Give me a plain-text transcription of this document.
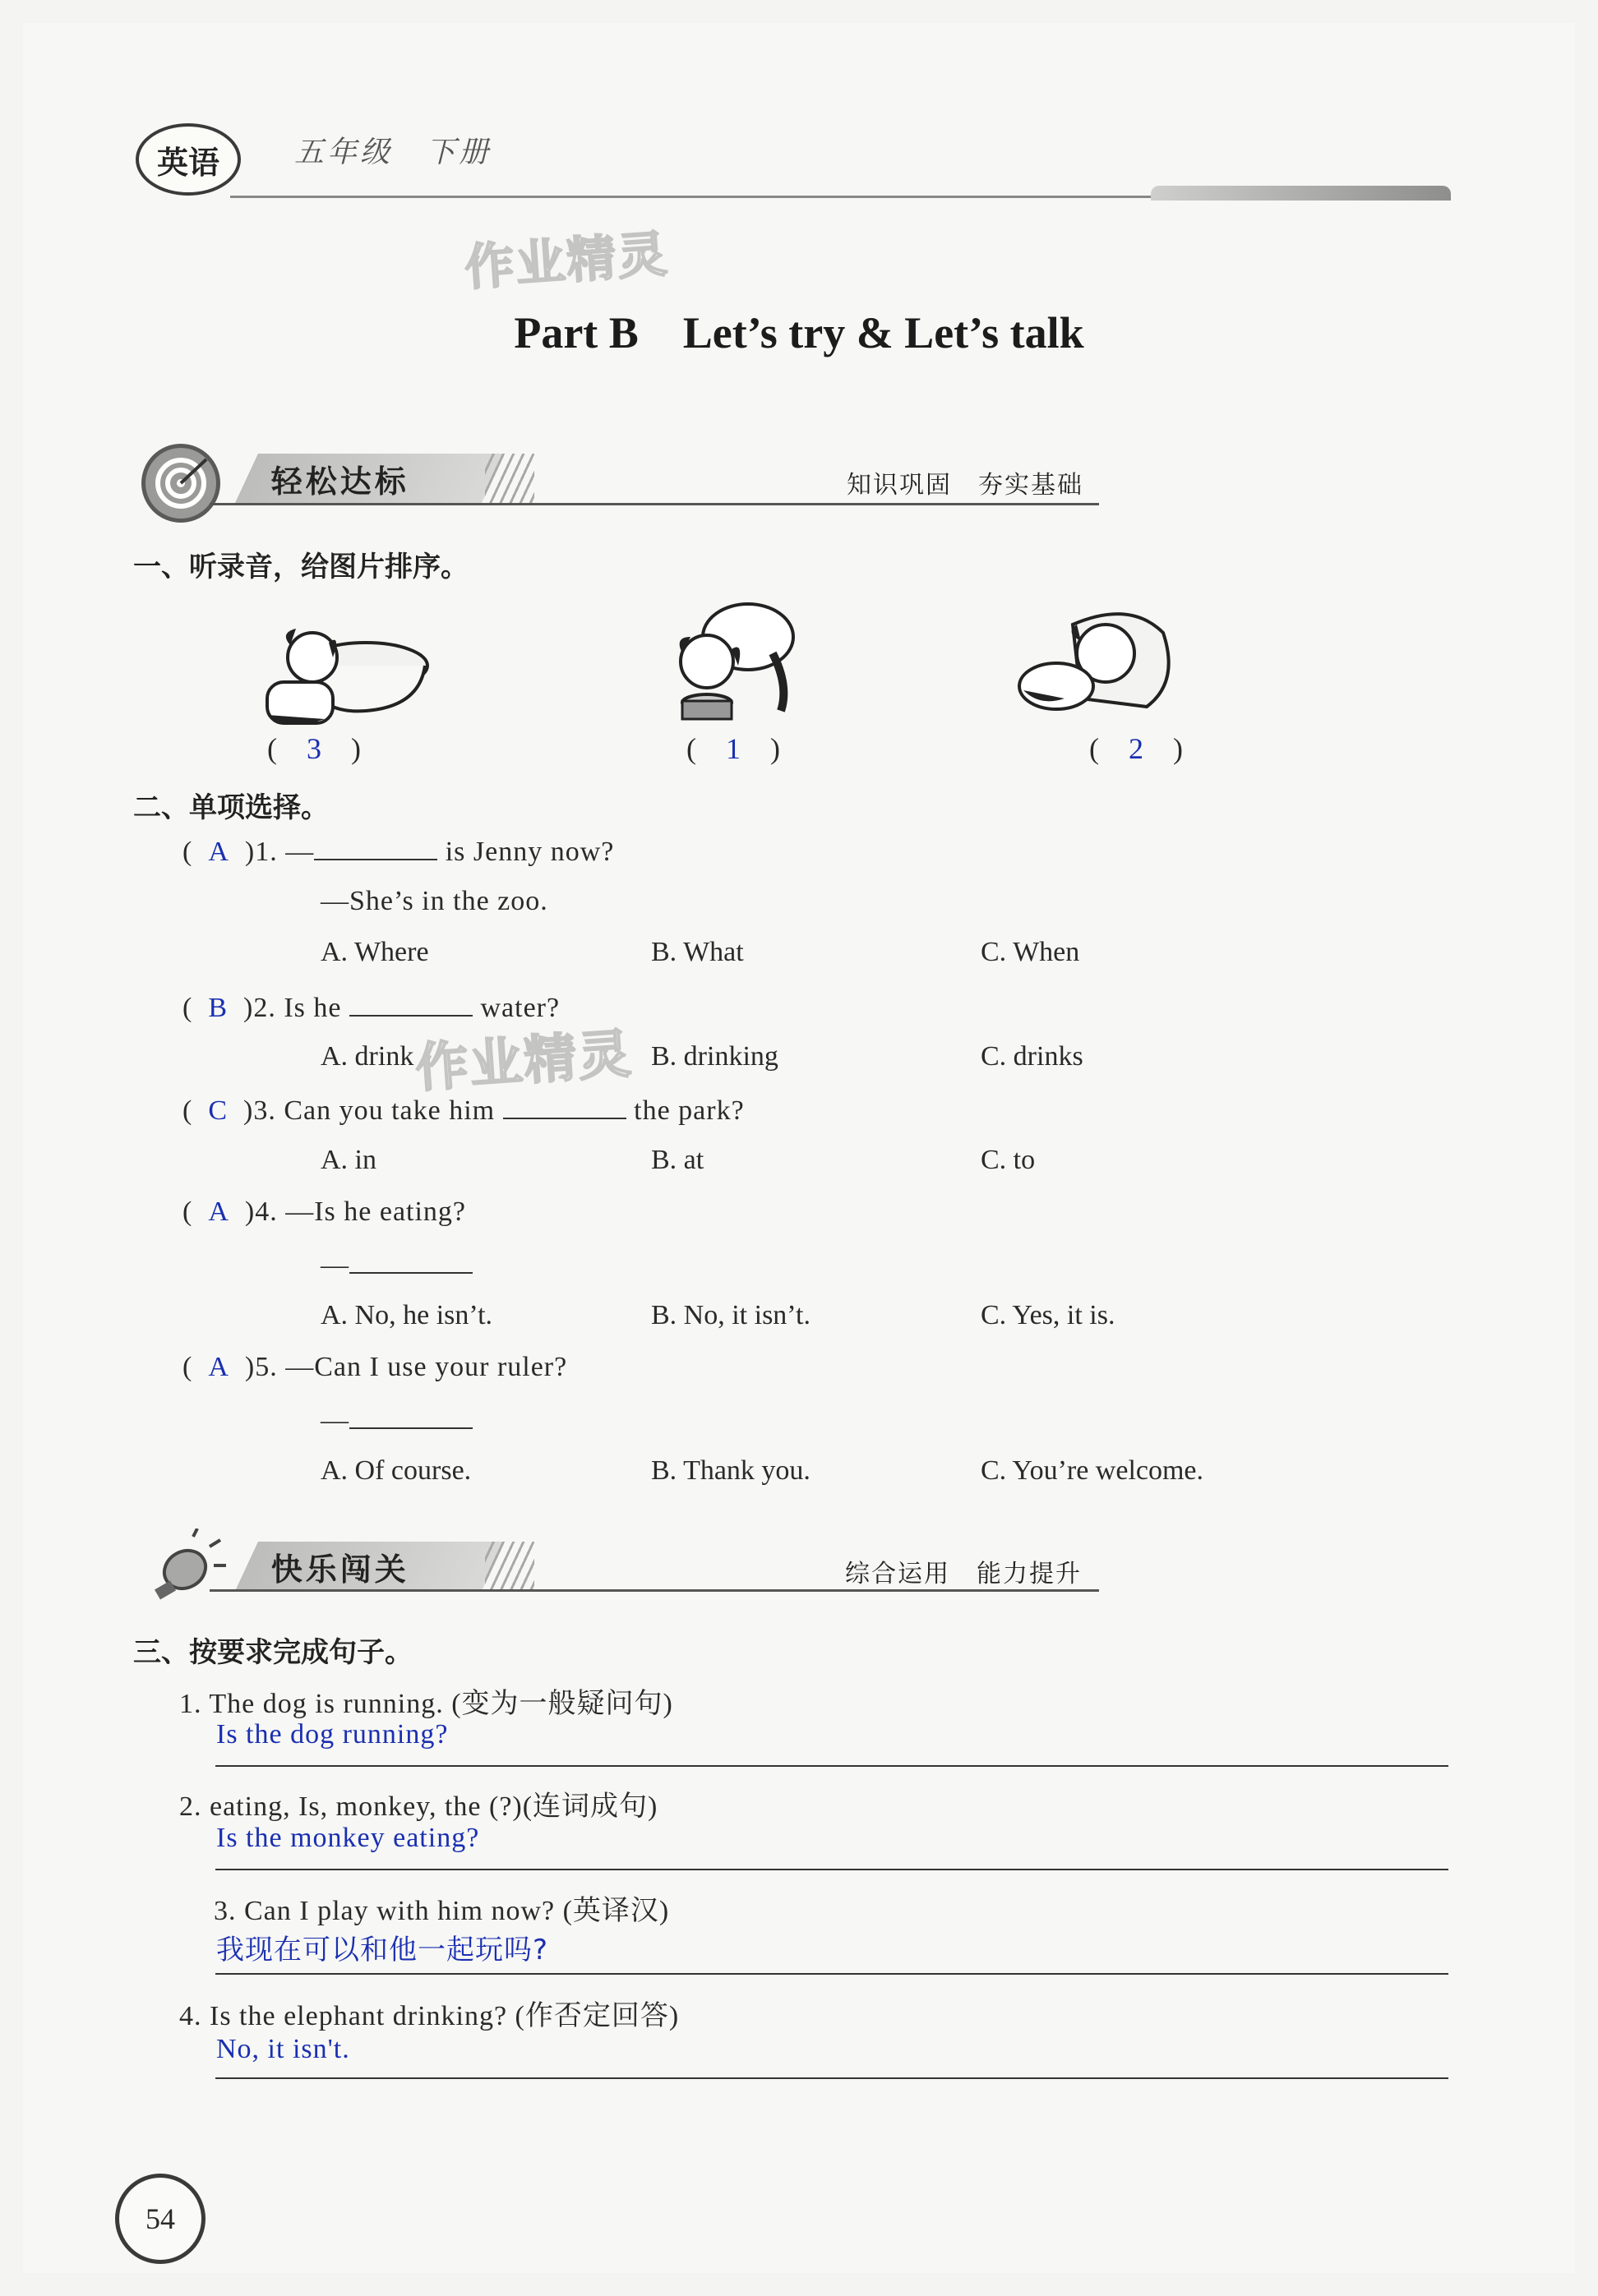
英语	五年级　下册
作业精灵
Part B　Let’s try & Let’s talk
轻松达标	知识巩固　夯实基础
一、听录音，给图片排序。
(    3    )	(    1    )	(    2    )
二、单项选择。
(  A )1. —	is Jenny now?
—She’s in the zoo.
A. Where	B. What	C. When
(  B )2. Is he	water?
A. drink	B. drinking	C. drinks
作业精灵
(  C )3. Can you take him	the park?
A. in	B. at	C. to
(  A )4. —Is he eating?
—
A. No, he isn’t.	B. No, it isn’t.	C. Yes, it is.
(  A )5. —Can I use your ruler?
—
A. Of course.	B. Thank you.	C. You’re welcome.
快乐闯关	综合运用　能力提升
三、按要求完成句子。
1. The dog is running. (变为一般疑问句)
Is the dog running?
2. eating, Is, monkey, the (?)(连词成句)
Is the monkey eating?
3. Can I play with him now? (英译汉)
我现在可以和他一起玩吗?
4. Is the elephant drinking? (作否定回答)
No, it isn't.
54
